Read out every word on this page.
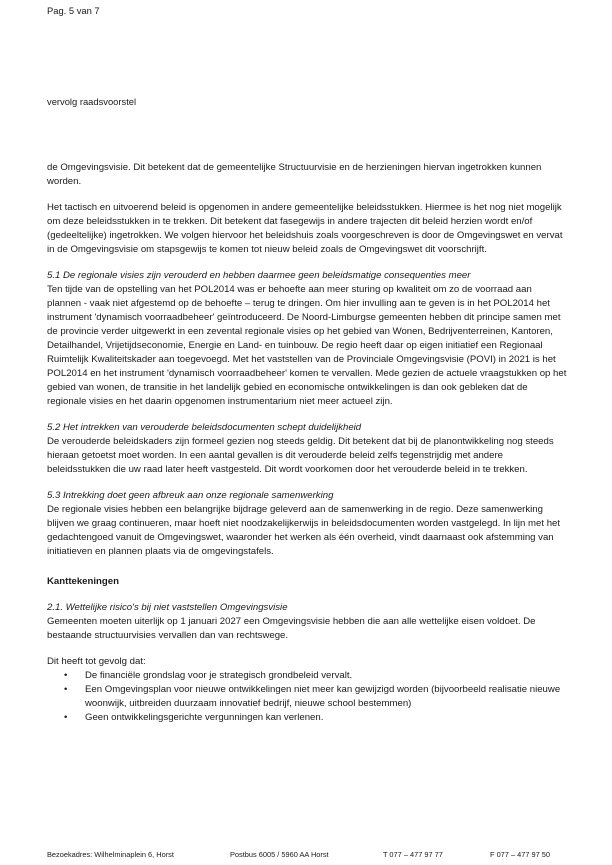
Pag. 5 van 7
vervolg raadsvoorstel

de Omgevingsvisie. Dit betekent dat de gemeentelijke Structuurvisie en de herzieningen hiervan ingetrokken kunnen worden.

Het tactisch en uitvoerend beleid is opgenomen in andere gemeentelijke beleidsstukken. Hiermee is het nog niet mogelijk om deze beleidsstukken in te trekken. Dit betekent dat fasegewijs in andere trajecten dit beleid herzien wordt en/of (gedeeltelijke) ingetrokken. We volgen hiervoor het beleidshuis zoals voorgeschreven is door de Omgevingswet en vervat in de Omgevingsvisie om stapsgewijs te komen tot nieuw beleid zoals de Omgevingswet dit voorschrijft.

5.1 De regionale visies zijn verouderd en hebben daarmee geen beleidsmatige consequenties meer

Ten tijde van de opstelling van het POL2014 was er behoefte aan meer sturing op kwaliteit om zo de voorraad aan plannen - vaak niet afgestemd op de behoefte – terug te dringen. Om hier invulling aan te geven is in het POL2014 het instrument 'dynamisch voorraadbeheer' geïntroduceerd. De Noord-Limburgse gemeenten hebben dit principe samen met de provincie verder uitgewerkt in een zevental regionale visies op het gebied van Wonen, Bedrijventerreinen, Kantoren, Detailhandel, Vrijetijdseconomie, Energie en Land- en tuinbouw. De regio heeft daar op eigen initiatief een Regionaal Ruimtelijk Kwaliteitskader aan toegevoegd. Met het vaststellen van de Provinciale Omgevingsvisie (POVI) in 2021 is het POL2014 en het instrument 'dynamisch voorraadbeheer' komen te vervallen. Mede gezien de actuele vraagstukken op het gebied van wonen, de transitie in het landelijk gebied en economische ontwikkelingen is dan ook gebleken dat de regionale visies en het daarin opgenomen instrumentarium niet meer actueel zijn.

5.2 Het intrekken van verouderde beleidsdocumenten schept duidelijkheid

De verouderde beleidskaders zijn formeel gezien nog steeds geldig. Dit betekent dat bij de planontwikkeling nog steeds hieraan getoetst moet worden. In een aantal gevallen is dit verouderde beleid zelfs tegenstrijdig met andere beleidsstukken die uw raad later heeft vastgesteld. Dit wordt voorkomen door het verouderde beleid in te trekken.

5.3 Intrekking doet geen afbreuk aan onze regionale samenwerking

De regionale visies hebben een belangrijke bijdrage geleverd aan de samenwerking in de regio. Deze samenwerking blijven we graag continueren, maar hoeft niet noodzakelijkerwijs in beleidsdocumenten worden vastgelegd. In lijn met het gedachtengoed vanuit de Omgevingswet, waaronder het werken als één overheid, vindt daarnaast ook afstemming van initiatieven en plannen plaats via de omgevingstafels.

Kanttekeningen

2.1. Wettelijke risico's bij niet vaststellen Omgevingsvisie

Gemeenten moeten uiterlijk op 1 januari 2027 een Omgevingsvisie hebben die aan alle wettelijke eisen voldoet. De bestaande structuurvisies vervallen dan van rechtswege.

Dit heeft tot gevolg dat:

• De financiële grondslag voor je strategisch grondbeleid vervalt.
• Een Omgevingsplan voor nieuwe ontwikkelingen niet meer kan gewijzigd worden (bijvoorbeeld realisatie nieuwe woonwijk, uitbreiden duurzaam innovatief bedrijf, nieuwe school bestemmen)
• Geen ontwikkelingsgerichte vergunningen kan verlenen.
Bezoekadres: Wilhelminaplein 6, Horst	Postbus 6005 / 5960 AA Horst	T 077 – 477 97 77	F 077 – 477 97 50
